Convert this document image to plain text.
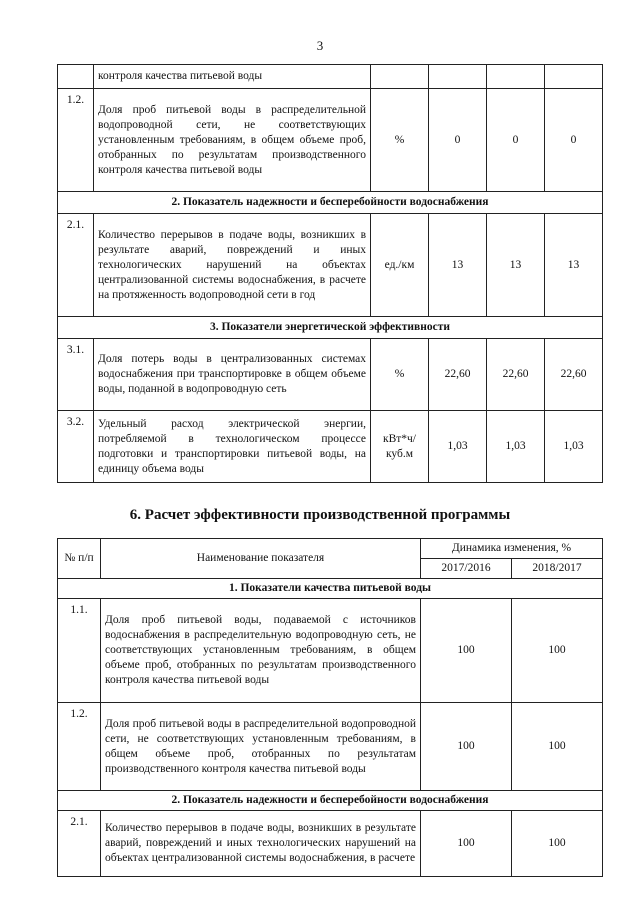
3
	контроля качества питьевой воды				
1.2.	Доля проб питьевой воды в распределительной водопроводной сети, не соответствующих установленным требованиям, в общем объеме проб, отобранных по результатам производственного контроля качества питьевой воды	%	0	0	0
2. Показатель надежности и бесперебойности водоснабжения					
2.1.	Количество перерывов в подаче воды, возникших в результате аварий, повреждений и иных технологических нарушений на объектах централизованной системы водоснабжения, в расчете на протяженность водопроводной сети в год	ед./км	13	13	13
3. Показатели энергетической эффективности					
3.1.	Доля потерь воды в централизованных системах водоснабжения при транспортировке в общем объеме воды, поданной в водопроводную сеть	%	22,60	22,60	22,60
3.2.	Удельный расход электрической энергии, потребляемой в технологическом процессе подготовки и транспортировки питьевой воды, на единицу объема воды	кВт*ч/ куб.м	1,03	1,03	1,03
6. Расчет эффективности производственной программы
№ п/п	Наименование показателя	Динамика изменения, %	
		2017/2016	2018/2017
1. Показатели качества питьевой воды			
1.1.	Доля проб питьевой воды, подаваемой с источников водоснабжения в распределительную водопроводную сеть, не соответствующих установленным требованиям, в общем объеме проб, отобранных по результатам производственного контроля качества питьевой воды	100	100
1.2.	Доля проб питьевой воды в распределительной водопроводной сети, не соответствующих установленным требованиям, в общем объеме проб, отобранных по результатам производственного контроля качества питьевой воды	100	100
2. Показатель надежности и бесперебойности водоснабжения			
2.1.	Количество перерывов в подаче воды, возникших в результате аварий, повреждений и иных технологических нарушений на объектах централизованной системы водоснабжения, в расчете	100	100
